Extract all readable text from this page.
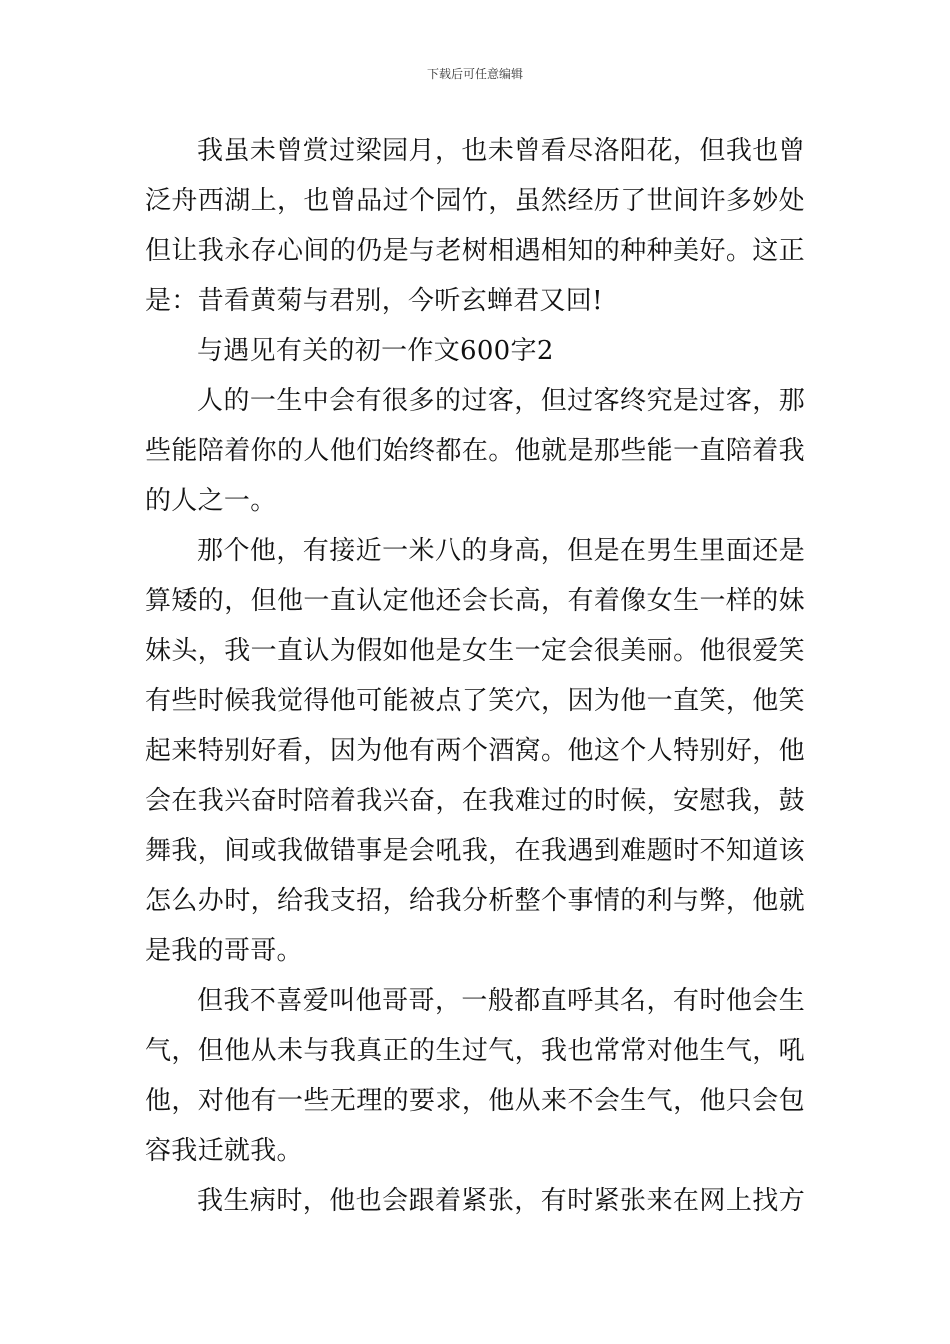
下载后可任意编辑
我虽未曾赏过梁园月，也未曾看尽洛阳花，但我也曾
泛舟西湖上，也曾品过个园竹，虽然经历了世间许多妙处
但让我永存心间的仍是与老树相遇相知的种种美好。这正
是：昔看黄菊与君别，今听玄蝉君又回!
与遇见有关的初一作文600字2
人的一生中会有很多的过客，但过客终究是过客，那
些能陪着你的人他们始终都在。他就是那些能一直陪着我
的人之一。
那个他，有接近一米八的身高，但是在男生里面还是
算矮的，但他一直认定他还会长高，有着像女生一样的妹
妹头，我一直认为假如他是女生一定会很美丽。他很爱笑
有些时候我觉得他可能被点了笑穴，因为他一直笑，他笑
起来特别好看，因为他有两个酒窝。他这个人特别好，他
会在我兴奋时陪着我兴奋，在我难过的时候，安慰我，鼓
舞我，间或我做错事是会吼我，在我遇到难题时不知道该
怎么办时，给我支招，给我分析整个事情的利与弊，他就
是我的哥哥。
但我不喜爱叫他哥哥，一般都直呼其名，有时他会生
气，但他从未与我真正的生过气，我也常常对他生气，吼
他，对他有一些无理的要求，他从来不会生气，他只会包
容我迁就我。
我生病时，他也会跟着紧张，有时紧张来在网上找方
